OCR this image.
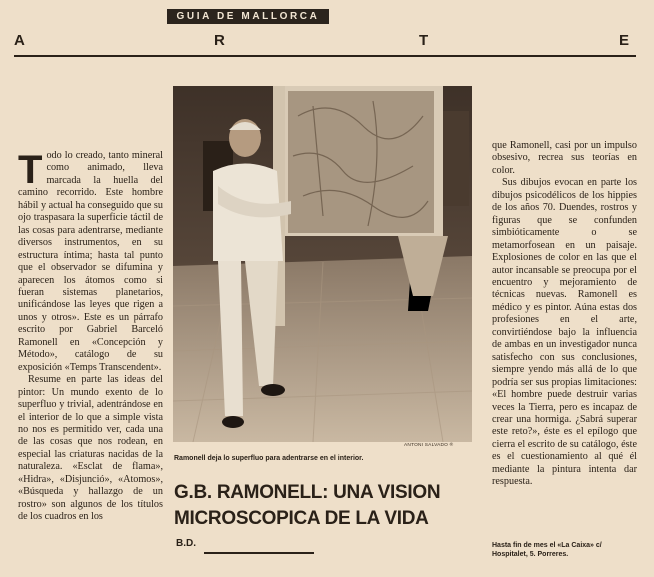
GUIA DE MALLORCA
A	R	T	E

Todo lo creado, tanto mineral como animado, lleva marcada la huella del camino recorrido. Este hombre hábil y actual ha conseguido que su ojo traspasara la superficie táctil de las cosas para adentrarse, mediante diversos instrumentos, en su estructura íntima; hasta tal punto que el observador se difumina y aparecen los átomos como si fueran sistemas planetarios, unificándose las leyes que rigen a unos y otros». Este es un párrafo escrito por Gabriel Barceló Ramonell en «Concepción y Método», catálogo de su exposición «Temps Transcendent».

Resume en parte las ideas del pintor: Un mundo exento de lo superfluo y trivial, adentrándose en el interior de lo que a simple vista no nos es permitido ver, cada una de las cosas que nos rodean, en especial las criaturas nacidas de la naturaleza. «Esclat de flama», «Hidra», «Disjunció», «Atomos», «Búsqueda y hallazgo de un rostro» son algunos de los títulos de los cuadros en los

ANTONI SALVADO ®
Ramonell deja lo superfluo para adentrarse en el interior.
G.B. RAMONELL: UNA VISION MICROSCOPICA DE LA VIDA
B.D.

que Ramonell, casi por un impulso obsesivo, recrea sus teorías en color.

Sus dibujos evocan en parte los dibujos psicodélicos de los hippies de los años 70. Duendes, rostros y figuras que se confunden simbióticamente o se metamorfosean en un paisaje. Explosiones de color en las que el autor incansable se preocupa por el encuentro y mejoramiento de técnicas nuevas. Ramonell es médico y es pintor. Aúna estas dos profesiones en el arte, convirtiéndose bajo la influencia de ambas en un investigador nunca satisfecho con sus conclusiones, siempre yendo más allá de lo que podría ser sus propias limitaciones: «El hombre puede destruir varias veces la Tierra, pero es incapaz de crear una hormiga. ¿Sabrá superar este reto?», éste es el epílogo que cierra el escrito de su catálogo, éste es el cuestionamiento al qué él mediante la pintura intenta dar respuesta.

Hasta fin de mes el «La Caixa» c/ Hospitalet, 5. Porreres.
